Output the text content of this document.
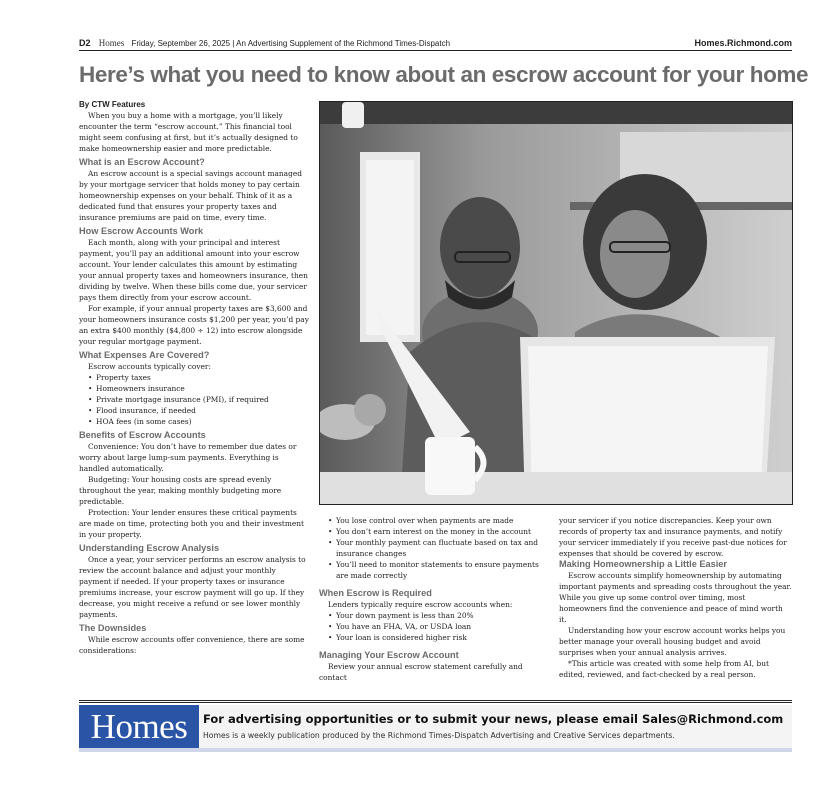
D2 Homes Friday, September 26, 2025 | An Advertising Supplement of the Richmond Times-Dispatch	Homes.Richmond.com
Here’s what you need to know about an escrow account for your home
By CTW Features

When you buy a home with a mortgage, you’ll likely encounter the term “escrow account.” This financial tool might seem confusing at first, but it’s actually designed to make homeownership easier and more predictable.

What is an Escrow Account?

An escrow account is a special savings account managed by your mortgage servicer that holds money to pay certain homeownership expenses on your behalf. Think of it as a dedicated fund that ensures your property taxes and insurance premiums are paid on time, every time.

How Escrow Accounts Work

Each month, along with your principal and interest payment, you’ll pay an additional amount into your escrow account. Your lender calculates this amount by estimating your annual property taxes and homeowners insurance, then dividing by twelve. When these bills come due, your servicer pays them directly from your escrow account.

For example, if your annual property taxes are $3,600 and your homeowners insurance costs $1,200 per year, you’d pay an extra $400 monthly ($4,800 ÷ 12) into escrow alongside your regular mortgage payment.

What Expenses Are Covered?

Escrow accounts typically cover:

• Property taxes
• Homeowners insurance
• Private mortgage insurance (PMI), if required
• Flood insurance, if needed
• HOA fees (in some cases)
Benefits of Escrow Accounts

Convenience: You don’t have to remember due dates or worry about large lump-sum payments. Everything is handled automatically.

Budgeting: Your housing costs are spread evenly throughout the year, making monthly budgeting more predictable.

Protection: Your lender ensures these critical payments are made on time, protecting both you and their investment in your property.

Understanding Escrow Analysis

Once a year, your servicer performs an escrow analysis to review the account balance and adjust your monthly payment if needed. If your property taxes or insurance premiums increase, your escrow payment will go up. If they decrease, you might receive a refund or see lower monthly payments.

The Downsides

While escrow accounts offer convenience, there are some considerations:

• You lose control over when payments are made
• You don’t earn interest on the money in the account
• Your monthly payment can fluctuate based on tax and insurance changes
• You’ll need to monitor statements to ensure payments are made correctly
When Escrow is Required

Lenders typically require escrow accounts when:

• Your down payment is less than 20%
• You have an FHA, VA, or USDA loan
• Your loan is considered higher risk
Managing Your Escrow Account

Review your annual escrow statement carefully and contact

your servicer if you notice discrepancies. Keep your own records of property tax and insurance payments, and notify your servicer immediately if you receive past-due notices for expenses that should be covered by escrow.

Making Homeownership a Little Easier

Escrow accounts simplify homeownership by automating important payments and spreading costs throughout the year. While you give up some control over timing, most homeowners find the convenience and peace of mind worth it.

Understanding how your escrow account works helps you better manage your overall housing budget and avoid surprises when your annual analysis arrives.

*This article was created with some help from AI, but edited, reviewed, and fact-checked by a real person.

Homes	For advertising opportunities or to submit your news, please email Sales@Richmond.com
Homes is a weekly publication produced by the Richmond Times-Dispatch Advertising and Creative Services departments.
